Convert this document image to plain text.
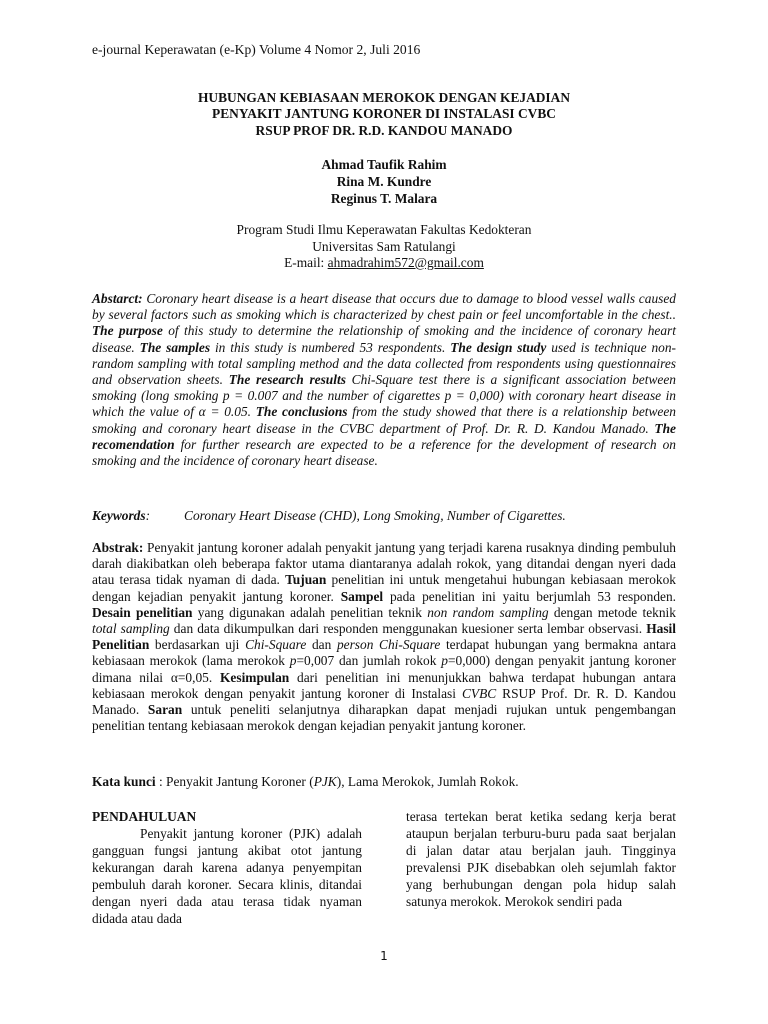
e-journal Keperawatan (e-Kp) Volume 4 Nomor 2, Juli 2016
HUBUNGAN KEBIASAAN MEROKOK DENGAN KEJADIAN
PENYAKIT JANTUNG KORONER DI INSTALASI CVBC
RSUP PROF DR. R.D. KANDOU MANADO
Ahmad Taufik Rahim
Rina M. Kundre
Reginus T. Malara
Program Studi Ilmu Keperawatan Fakultas Kedokteran
Universitas Sam Ratulangi
E-mail: ahmadrahim572@gmail.com
Abstarct: Coronary heart disease is a heart disease that occurs due to damage to blood vessel walls caused by several factors such as smoking which is characterized by chest pain or feel uncomfortable in the chest.. The purpose of this study to determine the relationship of smoking and the incidence of coronary heart disease. The samples in this study is numbered 53 respondents. The design study used is technique non-random sampling with total sampling method and the data collected from respondents using questionnaires and observation sheets. The research results Chi-Square test there is a significant association between smoking (long smoking p = 0.007 and the number of cigarettes p = 0,000) with coronary heart disease in which the value of α = 0.05. The conclusions from the study showed that there is a relationship between smoking and coronary heart disease in the CVBC department of Prof. Dr. R. D. Kandou Manado. The recomendation for further research are expected to be a reference for the development of research on smoking and the incidence of coronary heart disease.
Keywords:	Coronary Heart Disease (CHD), Long Smoking, Number of Cigarettes.
Abstrak: Penyakit jantung koroner adalah penyakit jantung yang terjadi karena rusaknya dinding pembuluh darah diakibatkan oleh beberapa faktor utama diantaranya adalah rokok, yang ditandai dengan nyeri dada atau terasa tidak nyaman di dada. Tujuan penelitian ini untuk mengetahui hubungan kebiasaan merokok dengan kejadian penyakit jantung koroner. Sampel pada penelitian ini yaitu berjumlah 53 responden. Desain penelitian yang digunakan adalah penelitian teknik non random sampling dengan metode teknik total sampling dan data dikumpulkan dari responden menggunakan kuesioner serta lembar observasi. Hasil Penelitian berdasarkan uji Chi-Square dan person Chi-Square terdapat hubungan yang bermakna antara kebiasaan merokok (lama merokok p=0,007 dan jumlah rokok p=0,000) dengan penyakit jantung koroner dimana nilai α=0,05. Kesimpulan dari penelitian ini menunjukkan bahwa terdapat hubungan antara kebiasaan merokok dengan penyakit jantung koroner di Instalasi CVBC RSUP Prof. Dr. R. D. Kandou Manado. Saran untuk peneliti selanjutnya diharapkan dapat menjadi rujukan untuk pengembangan penelitian tentang kebiasaan merokok dengan kejadian penyakit jantung koroner.
Kata kunci : Penyakit Jantung Koroner (PJK), Lama Merokok, Jumlah Rokok.
PENDAHULUAN
Penyakit jantung koroner (PJK) adalah gangguan fungsi jantung akibat otot jantung kekurangan darah karena adanya penyempitan pembuluh darah koroner. Secara klinis, ditandai dengan nyeri dada atau terasa tidak nyaman didada atau dada
terasa tertekan berat ketika sedang kerja berat ataupun berjalan terburu-buru pada saat berjalan di jalan datar atau berjalan jauh. Tingginya prevalensi PJK disebabkan oleh sejumlah faktor yang berhubungan dengan pola hidup salah satunya merokok. Merokok sendiri pada
1
